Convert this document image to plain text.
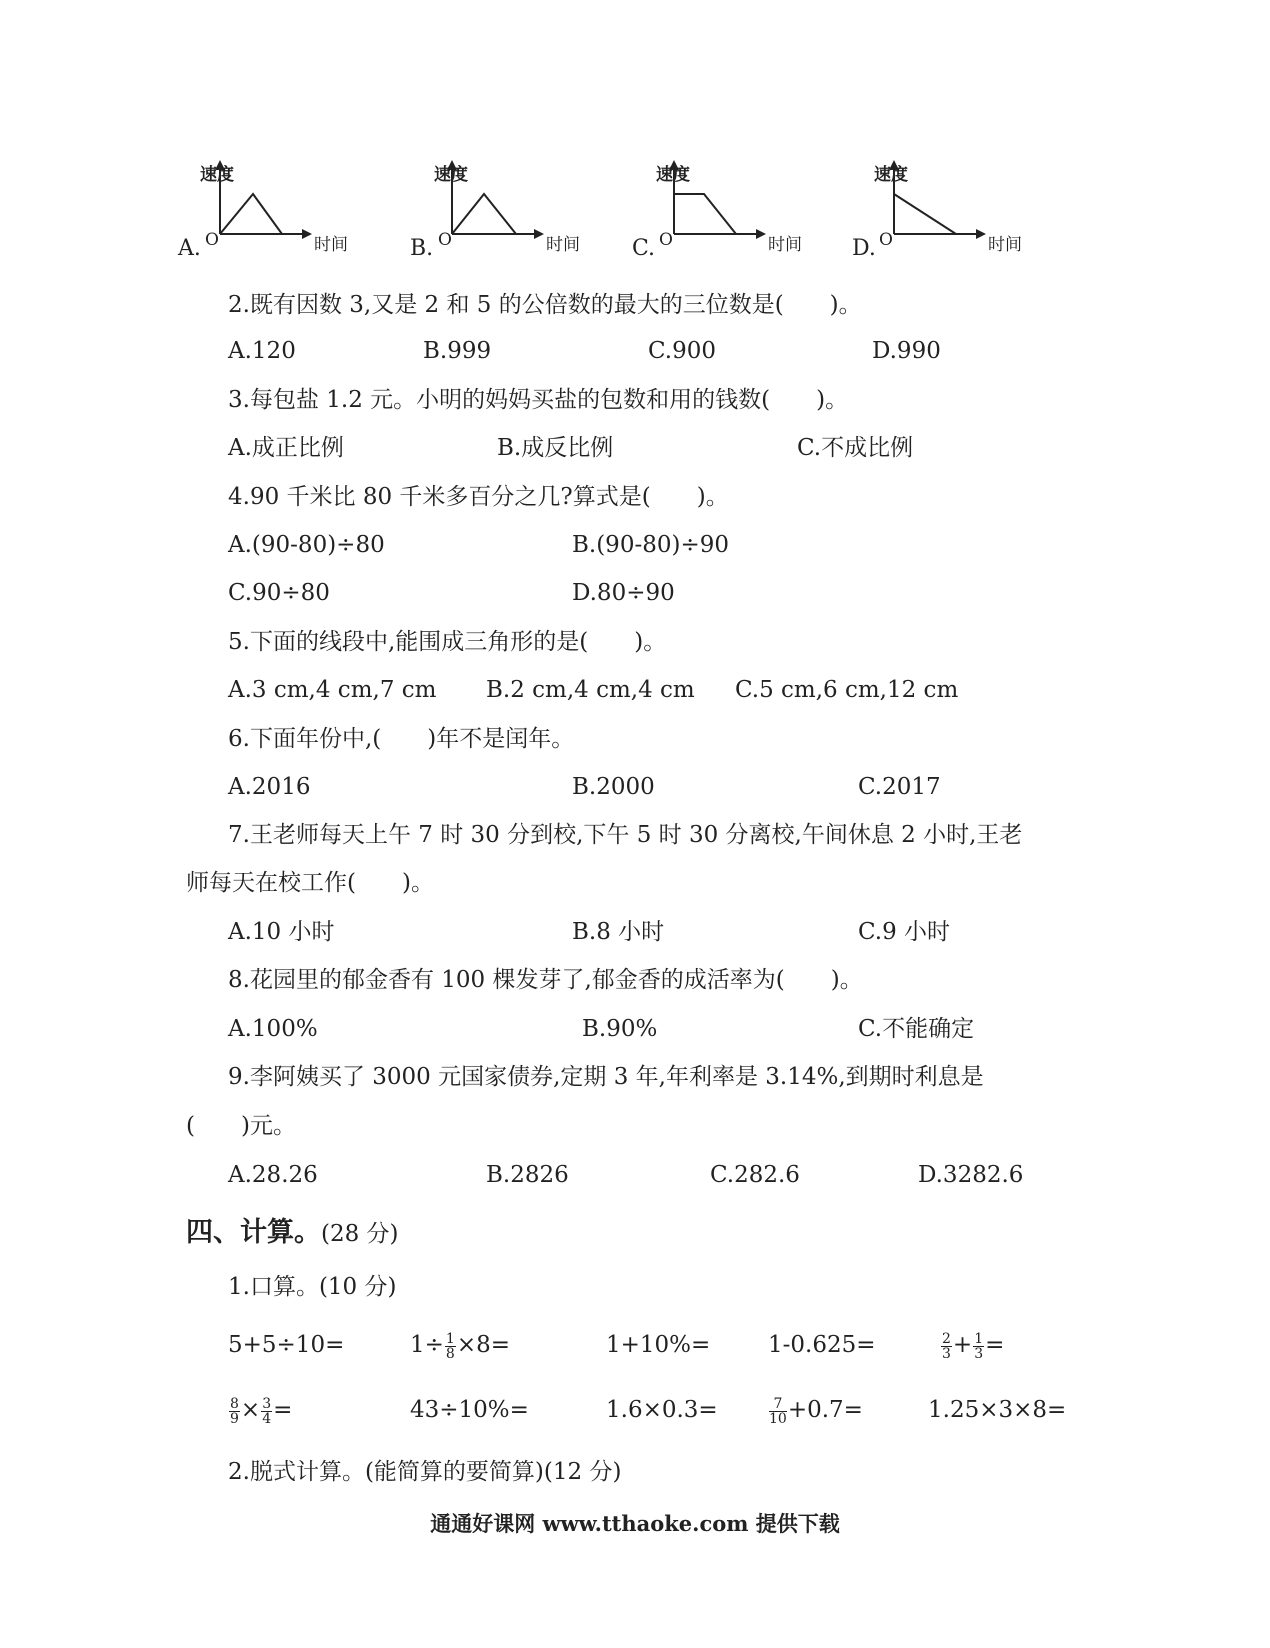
A. O
速度
时间	B. O
速度
时间 C. O
速度
时间 D. O
速度
时间
2.既有因数 3,又是 2 和 5 的公倍数的最大的三位数是(　　)。
A.120	B.999	C.900	D.990
3.每包盐 1.2 元。小明的妈妈买盐的包数和用的钱数(　　)。
A.成正比例	B.成反比例	C.不成比例
4.90 千米比 80 千米多百分之几?算式是(　　)。
A.(90-80)÷80	B.(90-80)÷90
C.90÷80	D.80÷90
5.下面的线段中,能围成三角形的是(　　)。
A.3 cm,4 cm,7 cm B.2 cm,4 cm,4 cm C.5 cm,6 cm,12 cm
6.下面年份中,(　　)年不是闰年。
A.2016	B.2000	C.2017
7.王老师每天上午 7 时 30 分到校,下午 5 时 30 分离校,午间休息 2 小时,王老
师每天在校工作(　　)。
A.10 小时	B.8 小时	C.9 小时
8.花园里的郁金香有 100 棵发芽了,郁金香的成活率为(　　)。
A.100%	B.90%	C.不能确定
9.李阿姨买了 3000 元国家债券,定期 3 年,年利率是 3.14%,到期时利息是
(　　)元。
A.28.26	B.2826	C.282.6	D.3282.6
四、计算。(28 分)
1.口算。(10 分)
5+5÷10=	$1\div \frac{1}{8} \times 8=$	1+10%=	1-0.625=	$\frac{2}{3} + \frac{1}{3}$ =
$\frac{8}{9} \times \frac{3}{4}$ =	43÷10%=	1.6×0.3=	$\frac{7}{10} +0.7=$	1.25×3×8=
2.脱式计算。(能简算的要简算)(12 分)
通通好课网 www.tthaoke.com 提供下载
